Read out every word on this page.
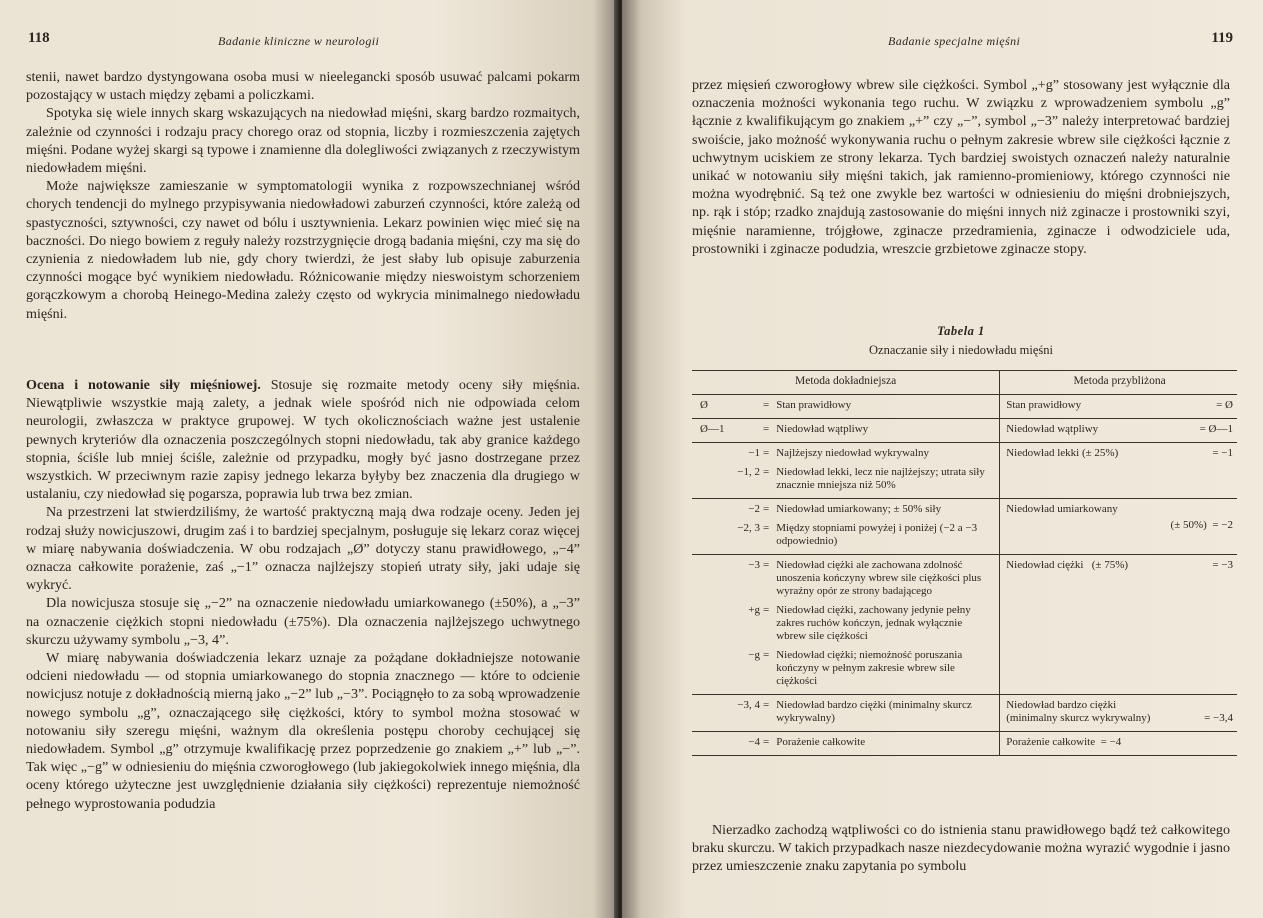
118	Badanie kliniczne w neurologii

stenii, nawet bardzo dystyngowana osoba musi w nieelegancki sposób usuwać palcami pokarm pozostający w ustach między zębami a policzkami.

Spotyka się wiele innych skarg wskazujących na niedowład mięśni, skarg bardzo rozmaitych, zależnie od czynności i rodzaju pracy chorego oraz od stopnia, liczby i rozmieszczenia zajętych mięśni. Podane wyżej skargi są typowe i znamienne dla dolegliwości związanych z rzeczywistym niedowładem mięśni.

Może największe zamieszanie w symptomatologii wynika z rozpowszechnianej wśród chorych tendencji do mylnego przypisywania niedowładowi zaburzeń czynności, które zależą od spastyczności, sztywności, czy nawet od bólu i usztywnienia. Lekarz powinien więc mieć się na baczności. Do niego bowiem z reguły należy rozstrzygnięcie drogą badania mięśni, czy ma się do czynienia z niedowładem lub nie, gdy chory twierdzi, że jest słaby lub opisuje zaburzenia czynności mogące być wynikiem niedowładu. Różnicowanie między nieswoistym schorzeniem gorączkowym a chorobą Heinego-Medina zależy często od wykrycia minimalnego niedowładu mięśni.

Ocena i notowanie siły mięśniowej. Stosuje się rozmaite metody oceny siły mięśnia. Niewątpliwie wszystkie mają zalety, a jednak wiele spośród nich nie odpowiada celom neurologii, zwłaszcza w praktyce grupowej. W tych okolicznościach ważne jest ustalenie pewnych kryteriów dla oznaczenia poszczególnych stopni niedowładu, tak aby granice każdego stopnia, ściśle lub mniej ściśle, zależnie od przypadku, mogły być jasno dostrzegane przez wszystkich. W przeciwnym razie zapisy jednego lekarza byłyby bez znaczenia dla drugiego w ustalaniu, czy niedowład się pogarsza, poprawia lub trwa bez zmian.

Na przestrzeni lat stwierdziliśmy, że wartość praktyczną mają dwa rodzaje oceny. Jeden jej rodzaj służy nowicjuszowi, drugim zaś i to bardziej specjalnym, posługuje się lekarz coraz więcej w miarę nabywania doświadczenia. W obu rodzajach „Ø” dotyczy stanu prawidłowego, „−4” oznacza całkowite porażenie, zaś „−1” oznacza najlżejszy stopień utraty siły, jaki udaje się wykryć.

Dla nowicjusza stosuje się „−2” na oznaczenie niedowładu umiarkowanego (±50%), a „−3” na oznaczenie ciężkich stopni niedowładu (±75%). Dla oznaczenia najlżejszego uchwytnego skurczu używamy symbolu „−3, 4”.

W miarę nabywania doświadczenia lekarz uznaje za pożądane dokładniejsze notowanie odcieni niedowładu — od stopnia umiarkowanego do stopnia znacznego — które to odcienie nowicjusz notuje z dokładnością mierną jako „−2” lub „−3”. Pociągnęło to za sobą wprowadzenie nowego symbolu „g”, oznaczającego siłę ciężkości, który to symbol można stosować w notowaniu siły szeregu mięśni, ważnym dla określenia postępu choroby cechującej się niedowładem. Symbol „g” otrzymuje kwalifikację przez poprzedzenie go znakiem „+” lub „−”. Tak więc „−g” w odniesieniu do mięśnia czworogłowego (lub jakiegokolwiek innego mięśnia, dla oceny którego użyteczne jest uwzględnienie działania siły ciężkości) reprezentuje niemożność pełnego wyprostowania podudzia

Badanie specjalne mięśni	119

przez mięsień czworogłowy wbrew sile ciężkości. Symbol „+g” stosowany jest wyłącznie dla oznaczenia możności wykonania tego ruchu. W związku z wprowadzeniem symbolu „g” łącznie z kwalifikującym go znakiem „+” czy „−”, symbol „−3” należy interpretować bardziej swoiście, jako możność wykonywania ruchu o pełnym zakresie wbrew sile ciężkości łącznie z uchwytnym uciskiem ze strony lekarza. Tych bardziej swoistych oznaczeń należy naturalnie unikać w notowaniu siły mięśni takich, jak ramienno-promieniowy, którego czynności nie można wyodrębnić. Są też one zwykle bez wartości w odniesieniu do mięśni drobniejszych, np. rąk i stóp; rzadko znajdują zastosowanie do mięśni innych niż zginacze i prostowniki szyi, mięśnie naramienne, trójgłowe, zginacze przedramienia, zginacze i odwodziciele uda, prostowniki i zginacze podudzia, wreszcie grzbietowe zginacze stopy.

Tabela 1
Oznaczanie siły i niedowładu mięśni
Metoda dokładniejsza			Metoda przybliżona
Ø	=	Stan prawidłowy	Stan prawidłowy = Ø

Ø—1	=	Niedowład wątpliwy	Niedowład wątpliwy = Ø—1

−1	=	Najlżejszy niedowład wykrywalny	Niedowład lekki (± 25%) = −1

−1, 2	=	Niedowład lekki, lecz nie najlżejszy; utrata siły znacznie mniejsza niż 50%	
−2	=	Niedowład umiarkowany; ± 50% siły	Niedowład umiarkowany
(± 50%) = −2

−2, 3	=	Między stopniami powyżej i poniżej (−2 a −3 odpowiednio)	
−3	=	Niedowład ciężki ale zachowana zdolność unoszenia kończyny wbrew sile ciężkości plus wyraźny opór ze strony badającego	Niedowład ciężki (± 75%) = −3

+g	=	Niedowład ciężki, zachowany jedynie pełny zakres ruchów kończyn, jednak wyłącznie wbrew sile ciężkości	
−g	=	Niedowład ciężki; niemożność poruszania kończyny w pełnym zakresie wbrew sile ciężkości	
−3, 4	=	Niedowład bardzo ciężki (minimalny skurcz wykrywalny)	Niedowład bardzo ciężki
(minimalny skurcz wykrywalny) = −3,4

−4	=	Porażenie całkowite	Porażenie całkowite = −4

Nierzadko zachodzą wątpliwości co do istnienia stanu prawidłowego bądź też całkowitego braku skurczu. W takich przypadkach nasze niezdecydowanie można wyrazić wygodnie i jasno przez umieszczenie znaku zapytania po symbolu
